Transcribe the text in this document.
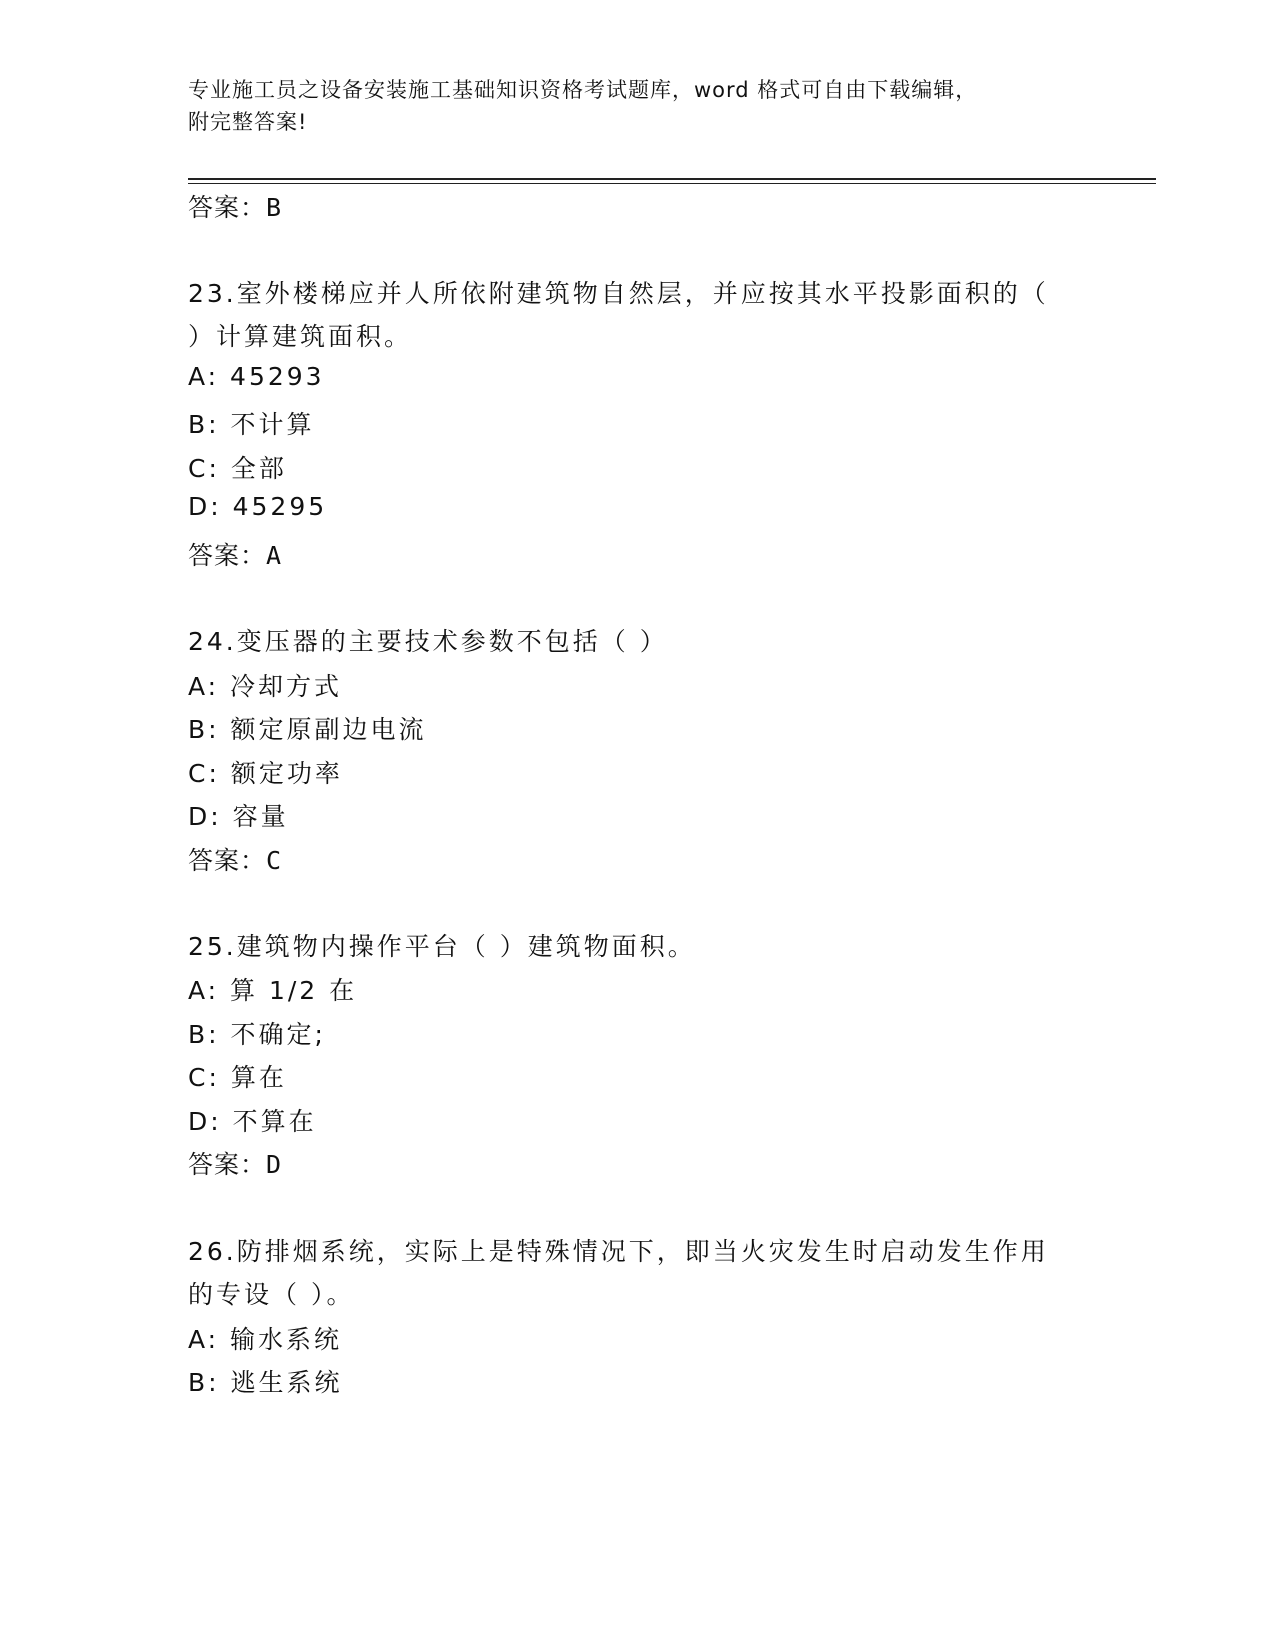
专业施工员之设备安装施工基础知识资格考试题库，word 格式可自由下载编辑，
附完整答案!
答案：B
23.室外楼梯应并人所依附建筑物自然层，并应按其水平投影面积的（
）计算建筑面积。
A: 45293
B: 不计算
C: 全部
D: 45295
答案：A
24.变压器的主要技术参数不包括（ ）
A: 冷却方式
B: 额定原副边电流
C: 额定功率
D: 容量
答案：C
25.建筑物内操作平台（ ）建筑物面积。
A: 算 1/2 在
B: 不确定;
C: 算在
D: 不算在
答案：D
26.防排烟系统，实际上是特殊情况下，即当火灾发生时启动发生作用
的专设（ ）。
A: 输水系统
B: 逃生系统
